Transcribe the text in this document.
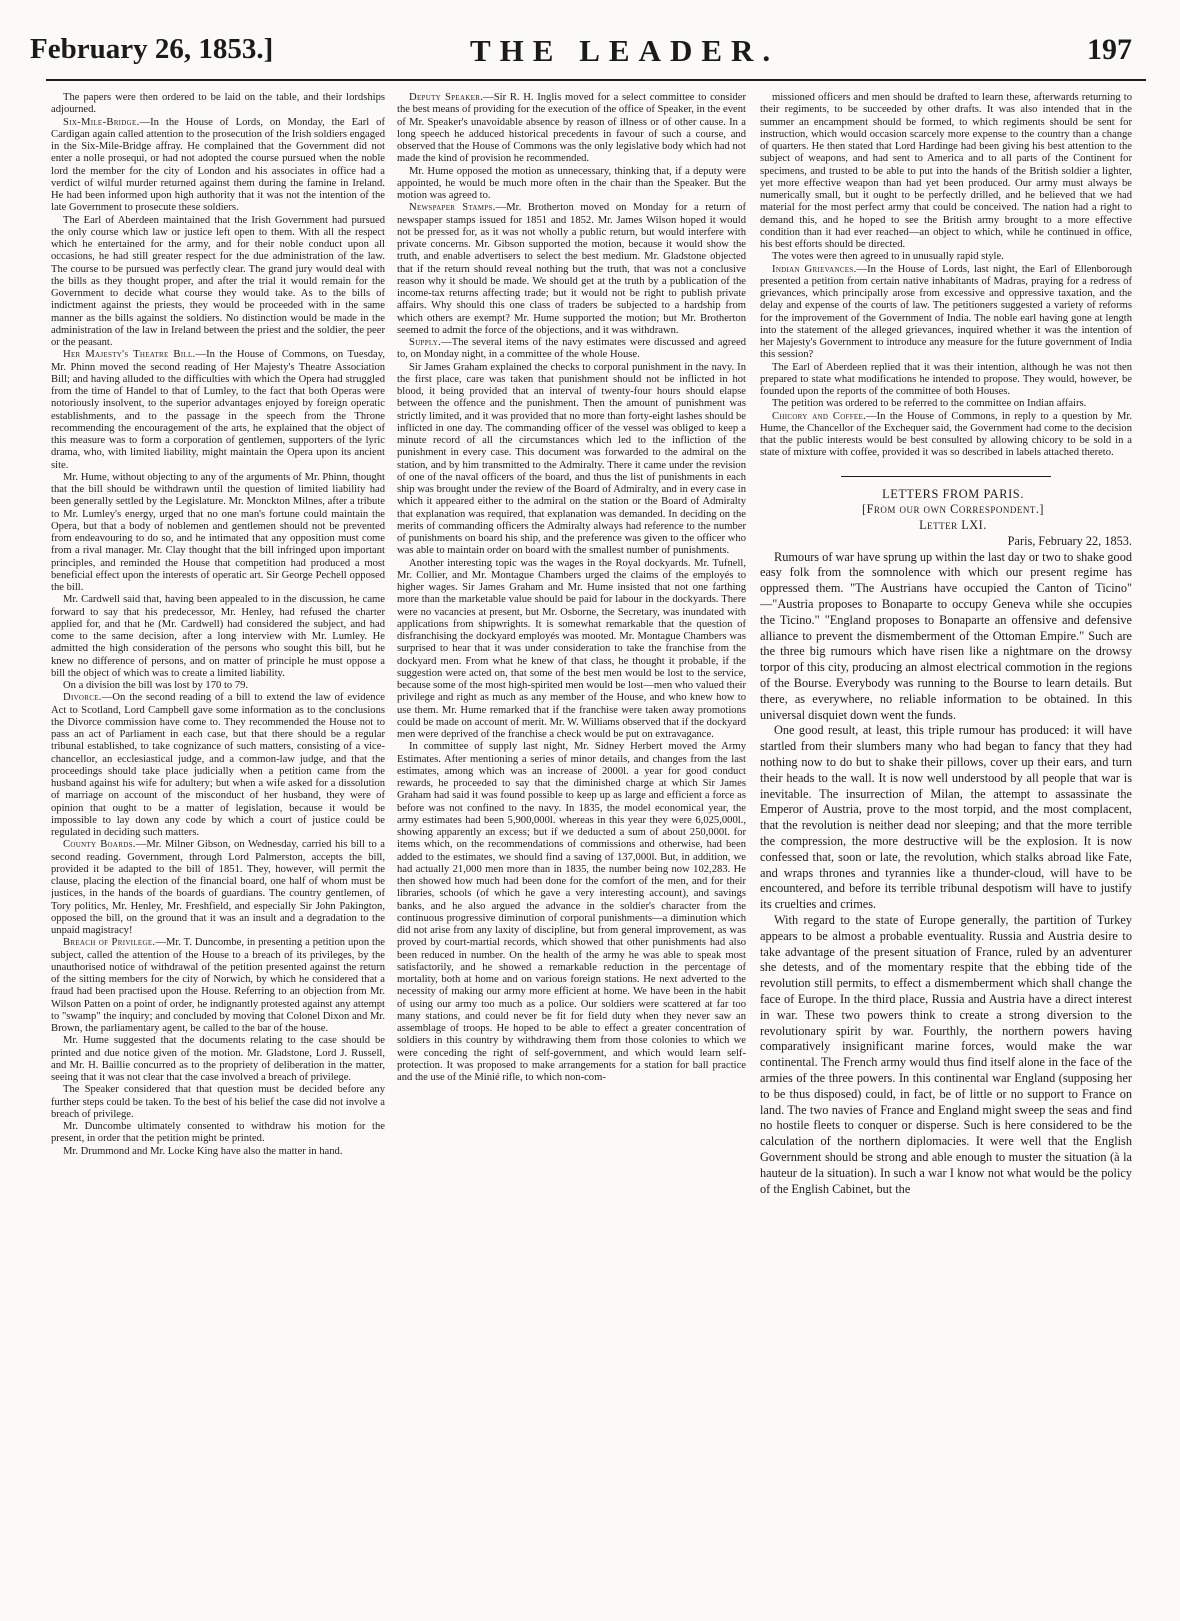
February 26, 1853.]	THE LEADER.	197

The papers were then ordered to be laid on the table, and their lordships adjourned.

Six-Mile-Bridge.—In the House of Lords, on Monday, the Earl of Cardigan again called attention to the prosecution of the Irish soldiers engaged in the Six-Mile-Bridge affray. He complained that the Government did not enter a nolle prosequi, or had not adopted the course pursued when the noble lord the member for the city of London and his associates in office had a verdict of wilful murder returned against them during the famine in Ireland. He had been informed upon high authority that it was not the intention of the late Government to prosecute these soldiers.

The Earl of Aberdeen maintained that the Irish Government had pursued the only course which law or justice left open to them. With all the respect which he entertained for the army, and for their noble conduct upon all occasions, he had still greater respect for the due administration of the law. The course to be pursued was perfectly clear. The grand jury would deal with the bills as they thought proper, and after the trial it would remain for the Government to decide what course they would take. As to the bills of indictment against the priests, they would be proceeded with in the same manner as the bills against the soldiers. No distinction would be made in the administration of the law in Ireland between the priest and the soldier, the peer or the peasant.

Her Majesty's Theatre Bill.—In the House of Commons, on Tuesday, Mr. Phinn moved the second reading of Her Majesty's Theatre Association Bill; and having alluded to the difficulties with which the Opera had struggled from the time of Handel to that of Lumley, to the fact that both Operas were notoriously insolvent, to the superior advantages enjoyed by foreign operatic establishments, and to the passage in the speech from the Throne recommending the encouragement of the arts, he explained that the object of this measure was to form a corporation of gentlemen, supporters of the lyric drama, who, with limited liability, might maintain the Opera upon its ancient site.

Mr. Hume, without objecting to any of the arguments of Mr. Phinn, thought that the bill should be withdrawn until the question of limited liability had been generally settled by the Legislature. Mr. Monckton Milnes, after a tribute to Mr. Lumley's energy, urged that no one man's fortune could maintain the Opera, but that a body of noblemen and gentlemen should not be prevented from endeavouring to do so, and he intimated that any opposition must come from a rival manager. Mr. Clay thought that the bill infringed upon important principles, and reminded the House that competition had produced a most beneficial effect upon the interests of operatic art. Sir George Pechell opposed the bill.

Mr. Cardwell said that, having been appealed to in the discussion, he came forward to say that his predecessor, Mr. Henley, had refused the charter applied for, and that he (Mr. Cardwell) had considered the subject, and had come to the same decision, after a long interview with Mr. Lumley. He admitted the high consideration of the persons who sought this bill, but he knew no difference of persons, and on matter of principle he must oppose a bill the object of which was to create a limited liability.

On a division the bill was lost by 170 to 79.

Divorce.—On the second reading of a bill to extend the law of evidence Act to Scotland, Lord Campbell gave some information as to the conclusions the Divorce commission have come to. They recommended the House not to pass an act of Parliament in each case, but that there should be a regular tribunal established, to take cognizance of such matters, consisting of a vice-chancellor, an ecclesiastical judge, and a common-law judge, and that the proceedings should take place judicially when a petition came from the husband against his wife for adultery; but when a wife asked for a dissolution of marriage on account of the misconduct of her husband, they were of opinion that ought to be a matter of legislation, because it would be impossible to lay down any code by which a court of justice could be regulated in deciding such matters.

County Boards.—Mr. Milner Gibson, on Wednesday, carried his bill to a second reading. Government, through Lord Palmerston, accepts the bill, provided it be adapted to the bill of 1851. They, however, will permit the clause, placing the election of the financial board, one half of whom must be justices, in the hands of the boards of guardians. The country gentlemen, of Tory politics, Mr. Henley, Mr. Freshfield, and especially Sir John Pakington, opposed the bill, on the ground that it was an insult and a degradation to the unpaid magistracy!

Breach of Privilege.—Mr. T. Duncombe, in presenting a petition upon the subject, called the attention of the House to a breach of its privileges, by the unauthorised notice of withdrawal of the petition presented against the return of the sitting members for the city of Norwich, by which he considered that a fraud had been practised upon the House. Referring to an objection from Mr. Wilson Patten on a point of order, he indignantly protested against any attempt to "swamp" the inquiry; and concluded by moving that Colonel Dixon and Mr. Brown, the parliamentary agent, be called to the bar of the house.

Mr. Hume suggested that the documents relating to the case should be printed and due notice given of the motion. Mr. Gladstone, Lord J. Russell, and Mr. H. Baillie concurred as to the propriety of deliberation in the matter, seeing that it was not clear that the case involved a breach of privilege.

The Speaker considered that that question must be decided before any further steps could be taken. To the best of his belief the case did not involve a breach of privilege.

Mr. Duncombe ultimately consented to withdraw his motion for the present, in order that the petition might be printed.

Mr. Drummond and Mr. Locke King have also the matter in hand.

Deputy Speaker.—Sir R. H. Inglis moved for a select committee to consider the best means of providing for the execution of the office of Speaker, in the event of Mr. Speaker's unavoidable absence by reason of illness or of other cause. In a long speech he adduced historical precedents in favour of such a course, and observed that the House of Commons was the only legislative body which had not made the kind of provision he recommended.

Mr. Hume opposed the motion as unnecessary, thinking that, if a deputy were appointed, he would be much more often in the chair than the Speaker. But the motion was agreed to.

Newspaper Stamps.—Mr. Brotherton moved on Monday for a return of newspaper stamps issued for 1851 and 1852. Mr. James Wilson hoped it would not be pressed for, as it was not wholly a public return, but would interfere with private concerns. Mr. Gibson supported the motion, because it would show the truth, and enable advertisers to select the best medium. Mr. Gladstone objected that if the return should reveal nothing but the truth, that was not a conclusive reason why it should be made. We should get at the truth by a publication of the income-tax returns affecting trade; but it would not be right to publish private affairs. Why should this one class of traders be subjected to a hardship from which others are exempt? Mr. Hume supported the motion; but Mr. Brotherton seemed to admit the force of the objections, and it was withdrawn.

Supply.—The several items of the navy estimates were discussed and agreed to, on Monday night, in a committee of the whole House.

Sir James Graham explained the checks to corporal punishment in the navy. In the first place, care was taken that punishment should not be inflicted in hot blood, it being provided that an interval of twenty-four hours should elapse between the offence and the punishment. Then the amount of punishment was strictly limited, and it was provided that no more than forty-eight lashes should be inflicted in one day. The commanding officer of the vessel was obliged to keep a minute record of all the circumstances which led to the infliction of the punishment in every case. This document was forwarded to the admiral on the station, and by him transmitted to the Admiralty. There it came under the revision of one of the naval officers of the board, and thus the list of punishments in each ship was brought under the review of the Board of Admiralty, and in every case in which it appeared either to the admiral on the station or the Board of Admiralty that explanation was required, that explanation was demanded. In deciding on the merits of commanding officers the Admiralty always had reference to the number of punishments on board his ship, and the preference was given to the officer who was able to maintain order on board with the smallest number of punishments.

Another interesting topic was the wages in the Royal dockyards. Mr. Tufnell, Mr. Collier, and Mr. Montague Chambers urged the claims of the employés to higher wages. Sir James Graham and Mr. Hume insisted that not one farthing more than the marketable value should be paid for labour in the dockyards. There were no vacancies at present, but Mr. Osborne, the Secretary, was inundated with applications from shipwrights. It is somewhat remarkable that the question of disfranchising the dockyard employés was mooted. Mr. Montague Chambers was surprised to hear that it was under consideration to take the franchise from the dockyard men. From what he knew of that class, he thought it probable, if the suggestion were acted on, that some of the best men would be lost to the service, because some of the most high-spirited men would be lost—men who valued their privilege and right as much as any member of the House, and who knew how to use them. Mr. Hume remarked that if the franchise were taken away promotions could be made on account of merit. Mr. W. Williams observed that if the dockyard men were deprived of the franchise a check would be put on extravagance.

In committee of supply last night, Mr. Sidney Herbert moved the Army Estimates. After mentioning a series of minor details, and changes from the last estimates, among which was an increase of 2000l. a year for good conduct rewards, he proceeded to say that the diminished charge at which Sir James Graham had said it was found possible to keep up as large and efficient a force as before was not confined to the navy. In 1835, the model economical year, the army estimates had been 5,900,000l. whereas in this year they were 6,025,000l., showing apparently an excess; but if we deducted a sum of about 250,000l. for items which, on the recommendations of commissions and otherwise, had been added to the estimates, we should find a saving of 137,000l. But, in addition, we had actually 21,000 men more than in 1835, the number being now 102,283. He then showed how much had been done for the comfort of the men, and for their libraries, schools (of which he gave a very interesting account), and savings banks, and he also argued the advance in the soldier's character from the continuous progressive diminution of corporal punishments—a diminution which did not arise from any laxity of discipline, but from general improvement, as was proved by court-martial records, which showed that other punishments had also been reduced in number. On the health of the army he was able to speak most satisfactorily, and he showed a remarkable reduction in the percentage of mortality, both at home and on various foreign stations. He next adverted to the necessity of making our army more efficient at home. We have been in the habit of using our army too much as a police. Our soldiers were scattered at far too many stations, and could never be fit for field duty when they never saw an assemblage of troops. He hoped to be able to effect a greater concentration of soldiers in this country by withdrawing them from those colonies to which we were conceding the right of self-government, and which would learn self-protection. It was proposed to make arrangements for a station for ball practice and the use of the Minié rifle, to which non-com-

missioned officers and men should be drafted to learn these, afterwards returning to their regiments, to be succeeded by other drafts. It was also intended that in the summer an encampment should be formed, to which regiments should be sent for instruction, which would occasion scarcely more expense to the country than a change of quarters. He then stated that Lord Hardinge had been giving his best attention to the subject of weapons, and had sent to America and to all parts of the Continent for specimens, and trusted to be able to put into the hands of the British soldier a lighter, yet more effective weapon than had yet been produced. Our army must always be numerically small, but it ought to be perfectly drilled, and he believed that we had material for the most perfect army that could be conceived. The nation had a right to demand this, and he hoped to see the British army brought to a more effective condition than it had ever reached—an object to which, while he continued in office, his best efforts should be directed.

The votes were then agreed to in unusually rapid style.

Indian Grievances.—In the House of Lords, last night, the Earl of Ellenborough presented a petition from certain native inhabitants of Madras, praying for a redress of grievances, which principally arose from excessive and oppressive taxation, and the delay and expense of the courts of law. The petitioners suggested a variety of reforms for the improvement of the Government of India. The noble earl having gone at length into the statement of the alleged grievances, inquired whether it was the intention of her Majesty's Government to introduce any measure for the future government of India this session?

The Earl of Aberdeen replied that it was their intention, although he was not then prepared to state what modifications he intended to propose. They would, however, be founded upon the reports of the committee of both Houses.

The petition was ordered to be referred to the committee on Indian affairs.

Chicory and Coffee.—In the House of Commons, in reply to a question by Mr. Hume, the Chancellor of the Exchequer said, the Government had come to the decision that the public interests would be best consulted by allowing chicory to be sold in a state of mixture with coffee, provided it was so described in labels attached thereto.

LETTERS FROM PARIS.

[From our own Correspondent.]

Letter LXI.

Paris, February 22, 1853.

Rumours of war have sprung up within the last day or two to shake good easy folk from the somnolence with which our present regime has oppressed them. "The Austrians have occupied the Canton of Ticino" —"Austria proposes to Bonaparte to occupy Geneva while she occupies the Ticino." "England proposes to Bonaparte an offensive and defensive alliance to prevent the dismemberment of the Ottoman Empire." Such are the three big rumours which have risen like a nightmare on the drowsy torpor of this city, producing an almost electrical commotion in the regions of the Bourse. Everybody was running to the Bourse to learn details. But there, as everywhere, no reliable information to be obtained. In this universal disquiet down went the funds.

One good result, at least, this triple rumour has produced: it will have startled from their slumbers many who had began to fancy that they had nothing now to do but to shake their pillows, cover up their ears, and turn their heads to the wall. It is now well understood by all people that war is inevitable. The insurrection of Milan, the attempt to assassinate the Emperor of Austria, prove to the most torpid, and the most complacent, that the revolution is neither dead nor sleeping; and that the more terrible the compression, the more destructive will be the explosion. It is now confessed that, soon or late, the revolution, which stalks abroad like Fate, and wraps thrones and tyrannies like a thunder-cloud, will have to be encountered, and before its terrible tribunal despotism will have to justify its cruelties and crimes.

With regard to the state of Europe generally, the partition of Turkey appears to be almost a probable eventuality. Russia and Austria desire to take advantage of the present situation of France, ruled by an adventurer she detests, and of the momentary respite that the ebbing tide of the revolution still permits, to effect a dismemberment which shall change the face of Europe. In the third place, Russia and Austria have a direct interest in war. These two powers think to create a strong diversion to the revolutionary spirit by war. Fourthly, the northern powers having comparatively insignificant marine forces, would make the war continental. The French army would thus find itself alone in the face of the armies of the three powers. In this continental war England (supposing her to be thus disposed) could, in fact, be of little or no support to France on land. The two navies of France and England might sweep the seas and find no hostile fleets to conquer or disperse. Such is here considered to be the calculation of the northern diplomacies. It were well that the English Government should be strong and able enough to muster the situation (à la hauteur de la situation). In such a war I know not what would be the policy of the English Cabinet, but the
